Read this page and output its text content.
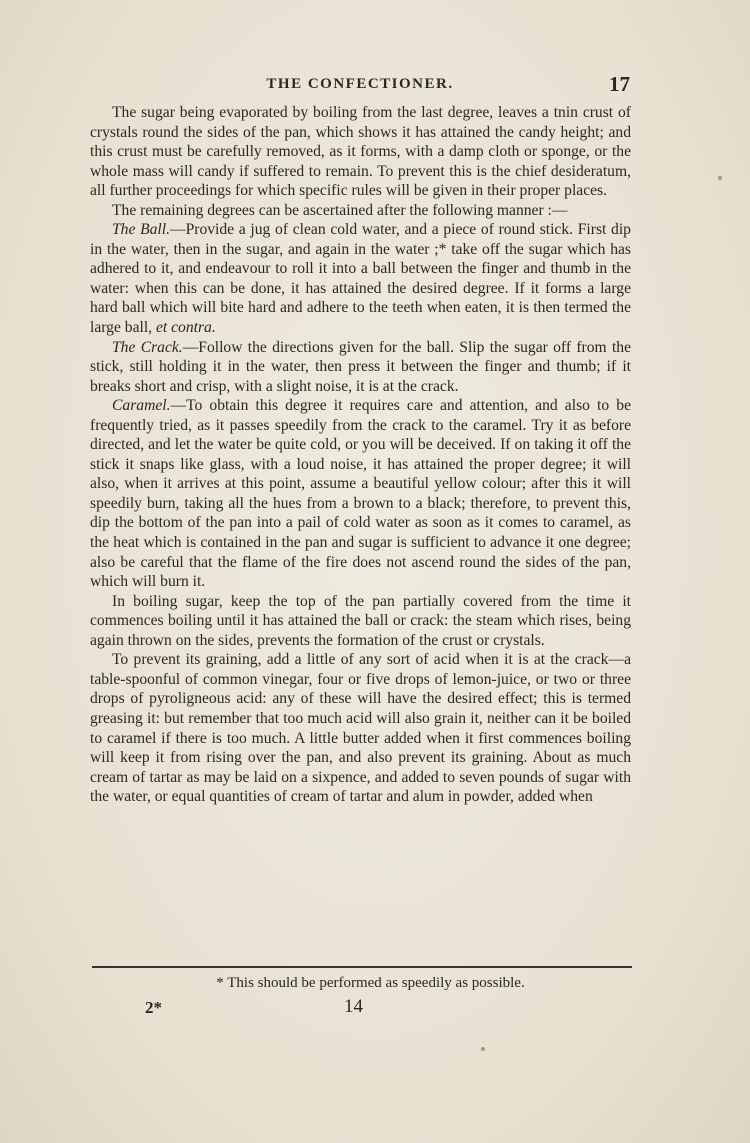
THE CONFECTIONER.	17

The sugar being evaporated by boiling from the last degree, leaves a tnin crust of crystals round the sides of the pan, which shows it has attained the candy height; and this crust must be carefully removed, as it forms, with a damp cloth or sponge, or the whole mass will candy if suffered to remain. To prevent this is the chief desideratum, all further proceedings for which specific rules will be given in their proper places.

The remaining degrees can be ascertained after the following manner :—

The Ball.—Provide a jug of clean cold water, and a piece of round stick. First dip in the water, then in the sugar, and again in the water ;* take off the sugar which has adhered to it, and endeavour to roll it into a ball between the finger and thumb in the water: when this can be done, it has attained the desired degree. If it forms a large hard ball which will bite hard and adhere to the teeth when eaten, it is then termed the large ball, et contra.

The Crack.—Follow the directions given for the ball. Slip the sugar off from the stick, still holding it in the water, then press it between the finger and thumb; if it breaks short and crisp, with a slight noise, it is at the crack.

Caramel.—To obtain this degree it requires care and attention, and also to be frequently tried, as it passes speedily from the crack to the caramel. Try it as before directed, and let the water be quite cold, or you will be deceived. If on taking it off the stick it snaps like glass, with a loud noise, it has attained the proper degree; it will also, when it arrives at this point, assume a beautiful yellow colour; after this it will speedily burn, taking all the hues from a brown to a black; therefore, to prevent this, dip the bottom of the pan into a pail of cold water as soon as it comes to caramel, as the heat which is contained in the pan and sugar is sufficient to advance it one degree; also be careful that the flame of the fire does not ascend round the sides of the pan, which will burn it.

In boiling sugar, keep the top of the pan partially covered from the time it commences boiling until it has attained the ball or crack: the steam which rises, being again thrown on the sides, prevents the formation of the crust or crystals.

To prevent its graining, add a little of any sort of acid when it is at the crack—a table-spoonful of common vinegar, four or five drops of lemon-juice, or two or three drops of pyroligneous acid: any of these will have the desired effect; this is termed greasing it: but remember that too much acid will also grain it, neither can it be boiled to caramel if there is too much. A little butter added when it first commences boiling will keep it from rising over the pan, and also prevent its graining. About as much cream of tartar as may be laid on a sixpence, and added to seven pounds of sugar with the water, or equal quantities of cream of tartar and alum in powder, added when

* This should be performed as speedily as possible.
2*	14
